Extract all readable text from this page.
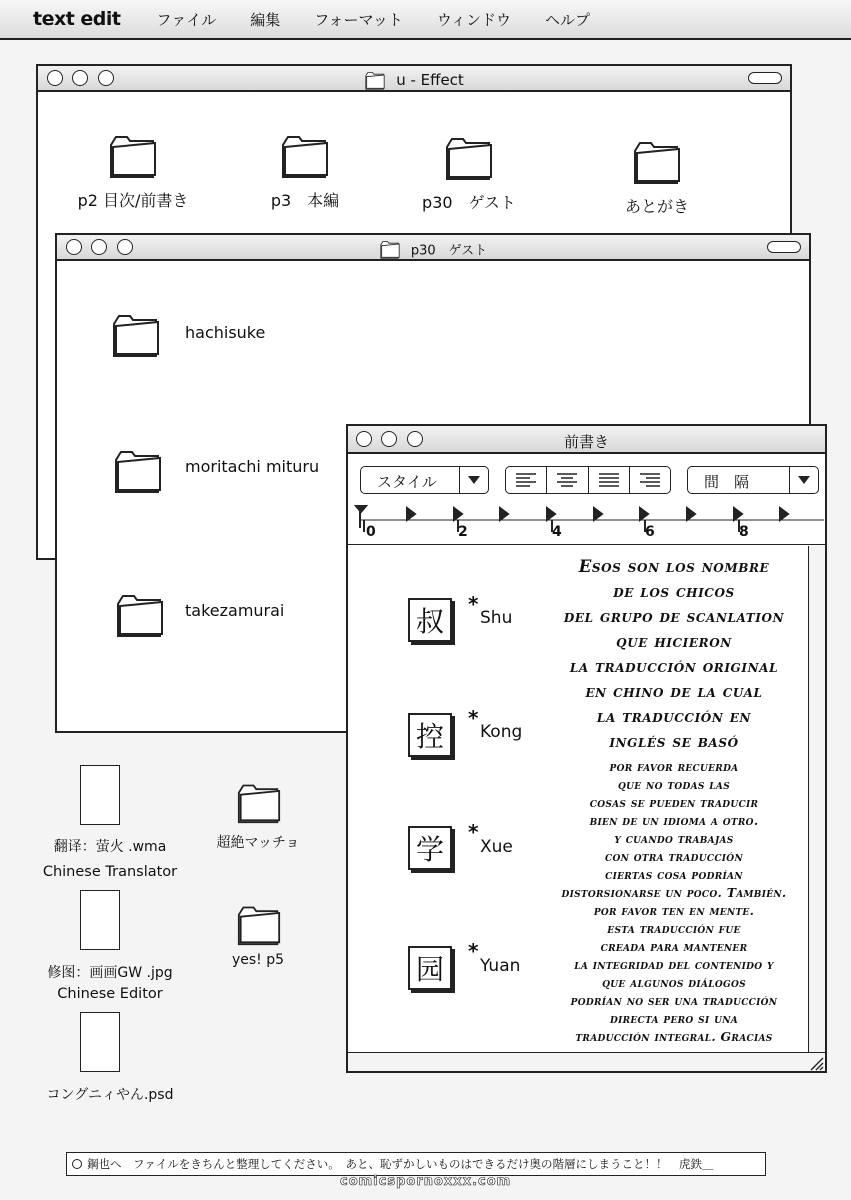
text edit ファイル 編集 フォーマット ウィンドウ ヘルプ
u - Effect
p2 目次/前書き	p3　本編	p30　ゲスト	あとがき
p30　ゲスト
hachisuke
moritachi mituru
takezamurai
翻译：萤火 .wma
Chinese Translator
修图：画画GW .jpg
Chinese Editor
コングニィやん.psd
超絶マッチョ
yes! p5
前書き
スタイル	間　隔
0	2	4	6	8
叔
*
Shu
控
*
Kong
学
*
Xue
园
*
Yuan
Esos son los nombre
de los chicos
del grupo de scanlation
que hicieron
la traducción original
en chino de la cual
la traducción en
inglés se basó
por favor recuerda
que no todas las
cosas se pueden traducir
bien de un idioma a otro.
y cuando trabajas
con otra traducción
ciertas cosa podrían
distorsionarse un poco. También.
por favor ten en mente.
esta traducción fue
creada para mantener
la integridad del contenido y
que algunos diálogos
podrían no ser una traducción
directa pero si una
traducción integral. Gracias
鋼也へ　ファイルをきちんと整理してください。　あと、恥ずかしいものはできるだけ奥の階層にしまうこと！！　虎鉄＿
comicspornoxxx.com
